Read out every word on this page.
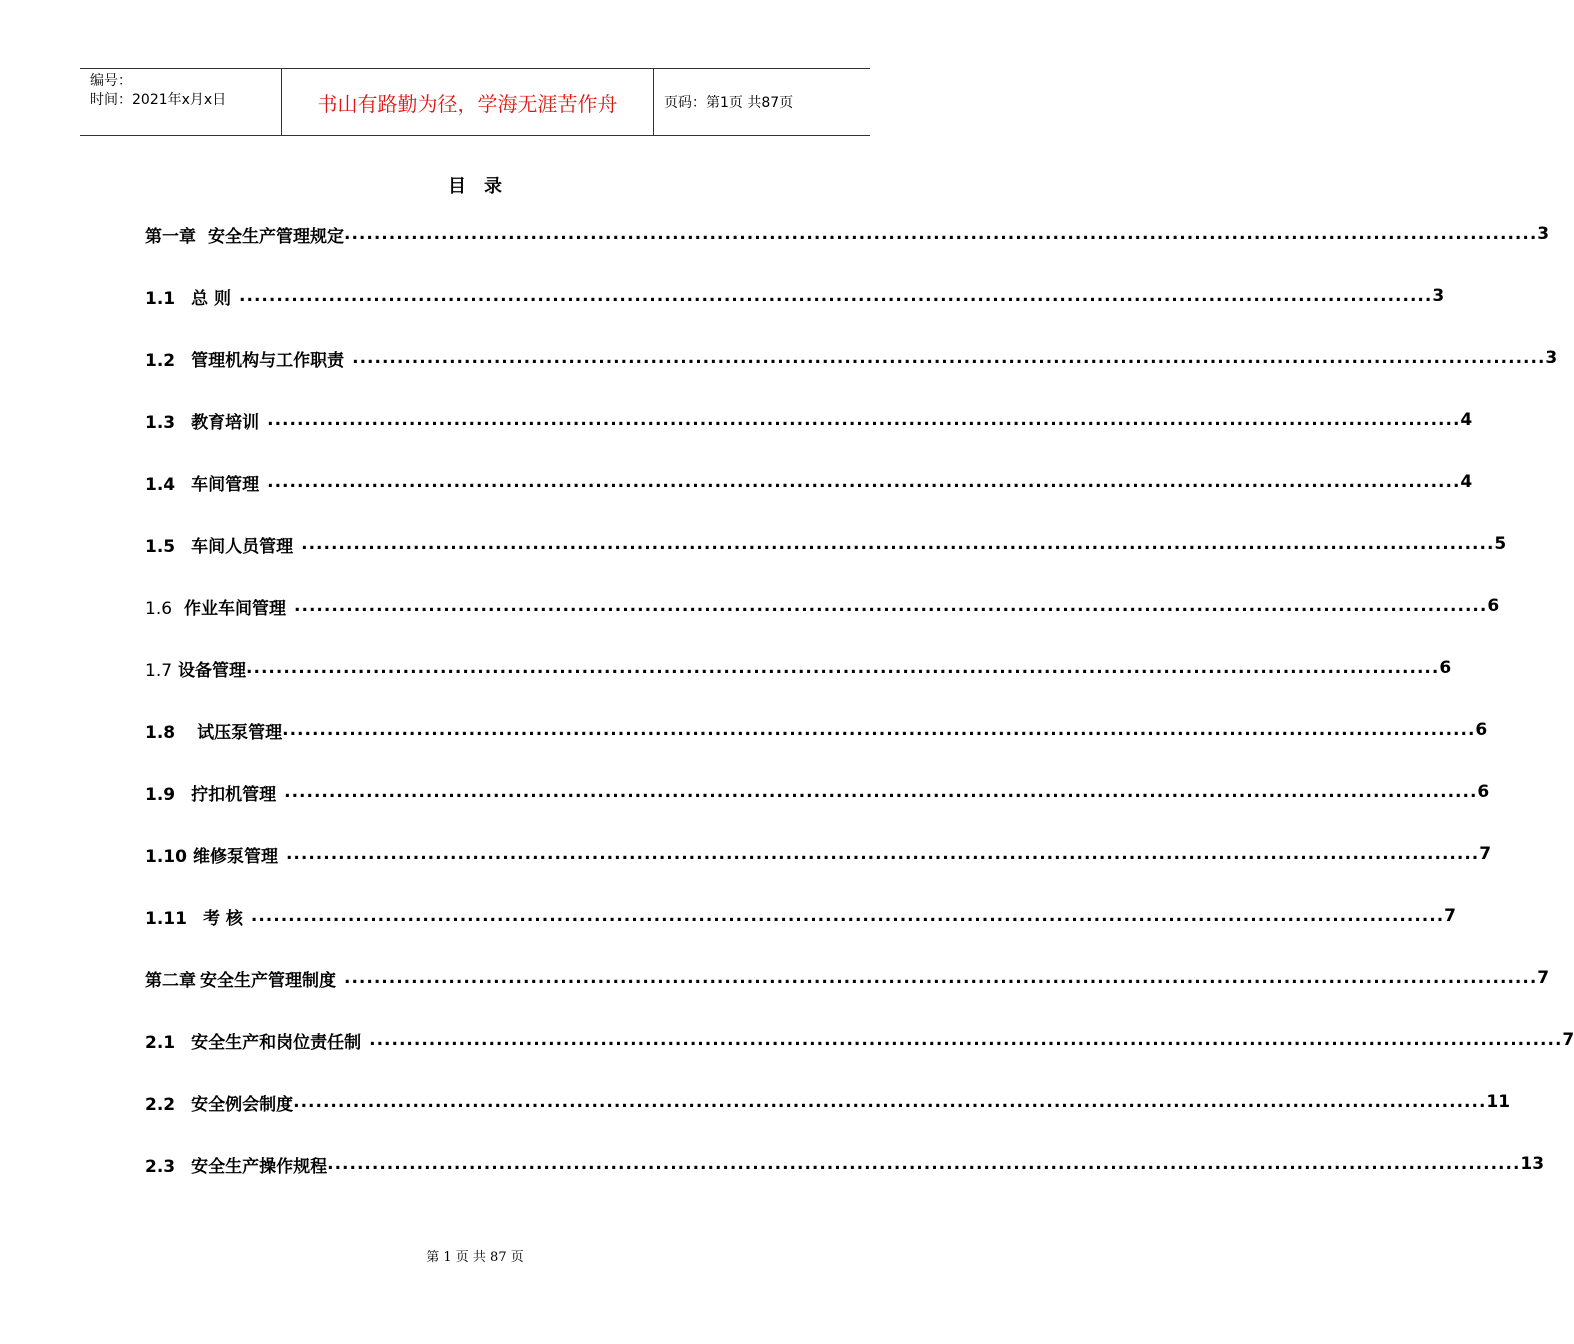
编号：
时间：2021年x月x日	书山有路勤为径，学海无涯苦作舟	页码：第1页 共87页
目录
第一章 安全生产管理规定 ................................................................................................................................................................ 3
1.1 总 则 ................................................................................................................................................................ 3
1.2 管理机构与工作职责 ................................................................................................................................................................ 3
1.3 教育培训 ................................................................................................................................................................ 4
1.4 车间管理 ................................................................................................................................................................ 4
1.5 车间人员管理 ................................................................................................................................................................ 5
1.6 作业车间管理 ................................................................................................................................................................ 6
1.7 设备管理 ................................................................................................................................................................ 6
1.8 试压泵管理 ................................................................................................................................................................ 6
1.9 拧扣机管理 ................................................................................................................................................................ 6
1.10 维修泵管理 ................................................................................................................................................................ 7
1.11 考 核 ................................................................................................................................................................ 7
第二章 安全生产管理制度 ................................................................................................................................................................ 7
2.1 安全生产和岗位责任制 ................................................................................................................................................................ 7
2.2 安全例会制度 ................................................................................................................................................................ 11
2.3 安全生产操作规程 ................................................................................................................................................................ 13
第 1 页 共 87 页
